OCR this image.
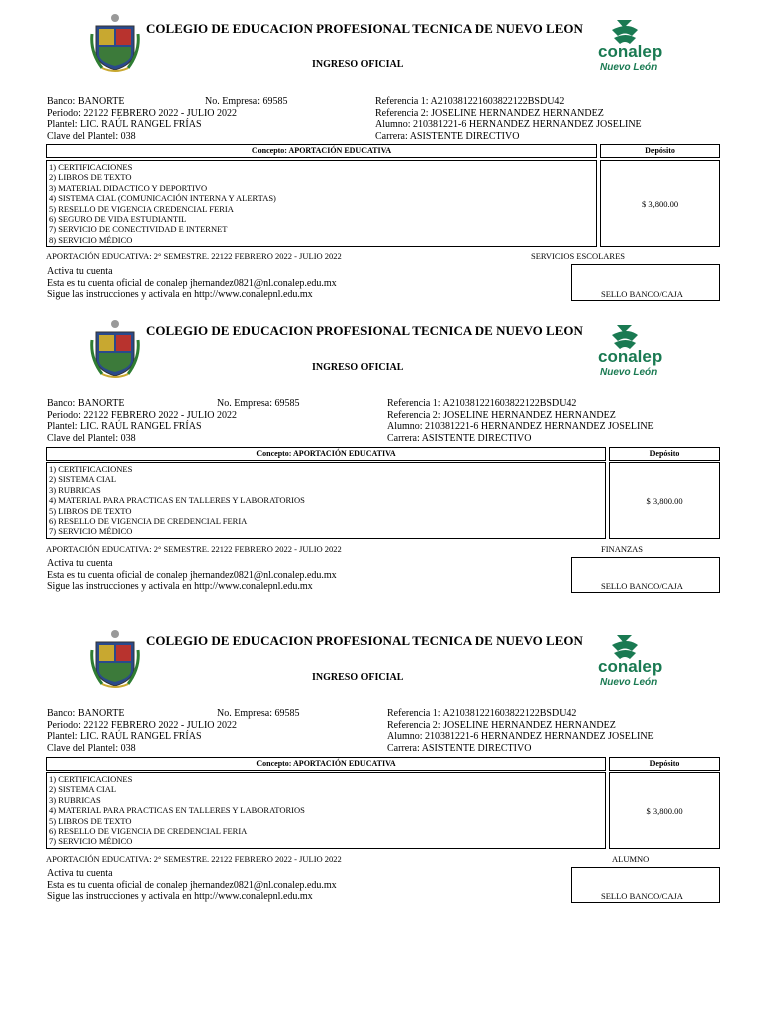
COLEGIO DE EDUCACION PROFESIONAL TECNICA DE NUEVO LEON
INGRESO OFICIAL
conalep
Nuevo León
Banco: BANORTE
Periodo: 22122 FEBRERO 2022 - JULIO 2022
Plantel: LIC. RAÚL RANGEL FRÍAS
Clave del Plantel: 038
No. Empresa: 69585	Referencia 1: A210381221603822122BSDU42
Referencia 2: JOSELINE HERNANDEZ HERNANDEZ
Alumno: 210381221-6 HERNANDEZ HERNANDEZ JOSELINE
Carrera: ASISTENTE DIRECTIVO
Concepto: APORTACIÓN EDUCATIVA	Depósito
1) CERTIFICACIONES
2) LIBROS DE TEXTO
3) MATERIAL DIDACTICO Y DEPORTIVO
4) SISTEMA CIAL (COMUNICACIÓN INTERNA Y ALERTAS)
5) RESELLO DE VIGENCIA CREDENCIAL FERIA
6) SEGURO DE VIDA ESTUDIANTIL
7) SERVICIO DE CONECTIVIDAD E INTERNET
8) SERVICIO MÉDICO
$ 3,800.00
APORTACIÓN EDUCATIVA: 2° SEMESTRE. 22122 FEBRERO 2022 - JULIO 2022	SERVICIOS ESCOLARES
Activa tu cuenta
Esta es tu cuenta oficial de conalep jhernandez0821@nl.conalep.edu.mx
Sigue las instrucciones y activala en http://www.conalepnl.edu.mx	SELLO BANCO/CAJA
COLEGIO DE EDUCACION PROFESIONAL TECNICA DE NUEVO LEON
INGRESO OFICIAL
conalep
Nuevo León
Banco: BANORTE
Periodo: 22122 FEBRERO 2022 - JULIO 2022
Plantel: LIC. RAÚL RANGEL FRÍAS
Clave del Plantel: 038
No. Empresa: 69585	Referencia 1: A210381221603822122BSDU42
Referencia 2: JOSELINE HERNANDEZ HERNANDEZ
Alumno: 210381221-6 HERNANDEZ HERNANDEZ JOSELINE
Carrera: ASISTENTE DIRECTIVO
Concepto: APORTACIÓN EDUCATIVA	Depósito
1) CERTIFICACIONES
2) SISTEMA CIAL
3) RUBRICAS
4) MATERIAL PARA PRACTICAS EN TALLERES Y LABORATORIOS
5) LIBROS DE TEXTO
6) RESELLO DE VIGENCIA DE CREDENCIAL FERIA
7) SERVICIO MÉDICO
$ 3,800.00
APORTACIÓN EDUCATIVA: 2° SEMESTRE. 22122 FEBRERO 2022 - JULIO 2022	FINANZAS
Activa tu cuenta
Esta es tu cuenta oficial de conalep jhernandez0821@nl.conalep.edu.mx
Sigue las instrucciones y activala en http://www.conalepnl.edu.mx	SELLO BANCO/CAJA
COLEGIO DE EDUCACION PROFESIONAL TECNICA DE NUEVO LEON
INGRESO OFICIAL
conalep
Nuevo León
Banco: BANORTE
Periodo: 22122 FEBRERO 2022 - JULIO 2022
Plantel: LIC. RAÚL RANGEL FRÍAS
Clave del Plantel: 038
No. Empresa: 69585	Referencia 1: A210381221603822122BSDU42
Referencia 2: JOSELINE HERNANDEZ HERNANDEZ
Alumno: 210381221-6 HERNANDEZ HERNANDEZ JOSELINE
Carrera: ASISTENTE DIRECTIVO
Concepto: APORTACIÓN EDUCATIVA	Depósito
1) CERTIFICACIONES
2) SISTEMA CIAL
3) RUBRICAS
4) MATERIAL PARA PRACTICAS EN TALLERES Y LABORATORIOS
5) LIBROS DE TEXTO
6) RESELLO DE VIGENCIA DE CREDENCIAL FERIA
7) SERVICIO MÉDICO
$ 3,800.00
APORTACIÓN EDUCATIVA: 2° SEMESTRE. 22122 FEBRERO 2022 - JULIO 2022	ALUMNO
Activa tu cuenta
Esta es tu cuenta oficial de conalep jhernandez0821@nl.conalep.edu.mx
Sigue las instrucciones y activala en http://www.conalepnl.edu.mx	SELLO BANCO/CAJA
